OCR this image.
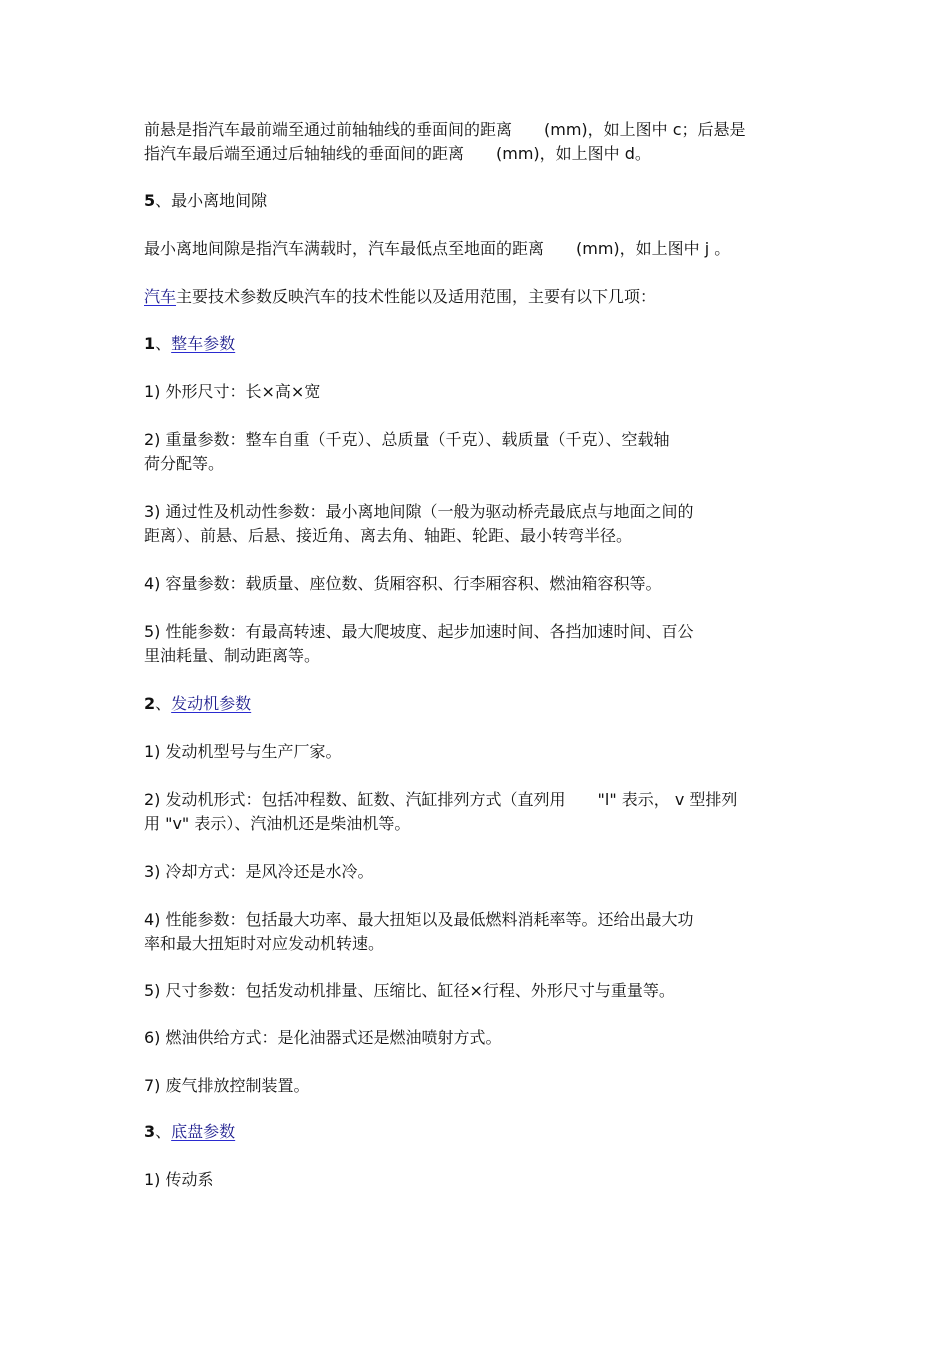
前悬是指汽车最前端至通过前轴轴线的垂面间的距离　　(mm)，如上图中 c；后悬是
指汽车最后端至通过后轴轴线的垂面间的距离　　(mm)，如上图中 d。
5、最小离地间隙
最小离地间隙是指汽车满载时，汽车最低点至地面的距离　　(mm)，如上图中 j 。
汽车主要技术参数反映汽车的技术性能以及适用范围，主要有以下几项：
1、整车参数
1) 外形尺寸：长×高×宽
2) 重量参数：整车自重（千克）、总质量（千克）、载质量（千克）、空载轴
荷分配等。
3) 通过性及机动性参数：最小离地间隙（一般为驱动桥壳最底点与地面之间的
距离）、前悬、后悬、接近角、离去角、轴距、轮距、最小转弯半径。
4) 容量参数：载质量、座位数、货厢容积、行李厢容积、燃油箱容积等。
5) 性能参数：有最高转速、最大爬坡度、起步加速时间、各挡加速时间、百公
里油耗量、制动距离等。
2、发动机参数
1) 发动机型号与生产厂家。
2) 发动机形式：包括冲程数、缸数、汽缸排列方式（直列用　　"l" 表示， v 型排列
用 "v" 表示）、汽油机还是柴油机等。
3) 冷却方式：是风冷还是水冷。
4) 性能参数：包括最大功率、最大扭矩以及最低燃料消耗率等。还给出最大功
率和最大扭矩时对应发动机转速。
5) 尺寸参数：包括发动机排量、压缩比、缸径×行程、外形尺寸与重量等。
6) 燃油供给方式：是化油器式还是燃油喷射方式。
7) 废气排放控制装置。
3、底盘参数
1) 传动系
